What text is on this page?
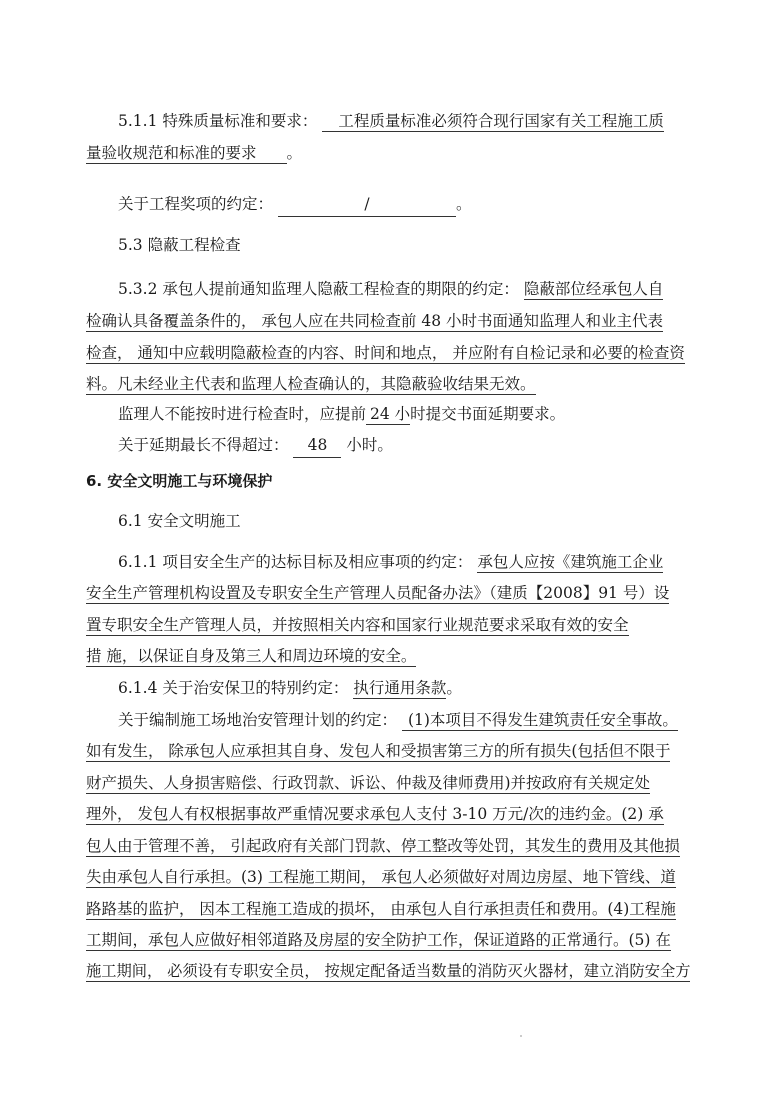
5.1.1 特殊质量标准和要求： 工程质量标准必须符合现行国家有关工程施工质
量验收规范和标准的要求 。
关于工程奖项的约定：	/	。
5.3 隐蔽工程检查
5.3.2 承包人提前通知监理人隐蔽工程检查的期限的约定： 隐蔽部位经承包人自
检确认具备覆盖条件的， 承包人应在共同检查前 48 小时书面通知监理人和业主代表
检查， 通知中应载明隐蔽检查的内容、时间和地点， 并应附有自检记录和必要的检查资
料。凡未经业主代表和监理人检查确认的，其隐蔽验收结果无效。
监理人不能按时进行检查时，应提前 24 小时提交书面延期要求。
关于延期最长不得超过： 48 小时。
6. 安全文明施工与环境保护
6.1 安全文明施工
6.1.1 项目安全生产的达标目标及相应事项的约定： 承包人应按《建筑施工企业
安全生产管理机构设置及专职安全生产管理人员配备办法》（建质【2008】91 号）设
置专职安全生产管理人员，并按照相关内容和国家行业规范要求采取有效的安全
措 施，以保证自身及第三人和周边环境的安全。
6.1.4 关于治安保卫的特别约定： 执行通用条款。
关于编制施工场地治安管理计划的约定： (1)本项目不得发生建筑责任安全事故。
如有发生， 除承包人应承担其自身、发包人和受损害第三方的所有损失(包括但不限于
财产损失、人身损害赔偿、行政罚款、诉讼、仲裁及律师费用)并按政府有关规定处
理外， 发包人有权根据事故严重情况要求承包人支付 3-10 万元/次的违约金。(2) 承
包人由于管理不善， 引起政府有关部门罚款、停工整改等处罚，其发生的费用及其他损
失由承包人自行承担。(3) 工程施工期间， 承包人必须做好对周边房屋、地下管线、道
路路基的监护， 因本工程施工造成的损坏， 由承包人自行承担责任和费用。(4)工程施
工期间，承包人应做好相邻道路及房屋的安全防护工作，保证道路的正常通行。(5) 在
施工期间， 必须设有专职安全员， 按规定配备适当数量的消防灭火器材，建立消防安全方
